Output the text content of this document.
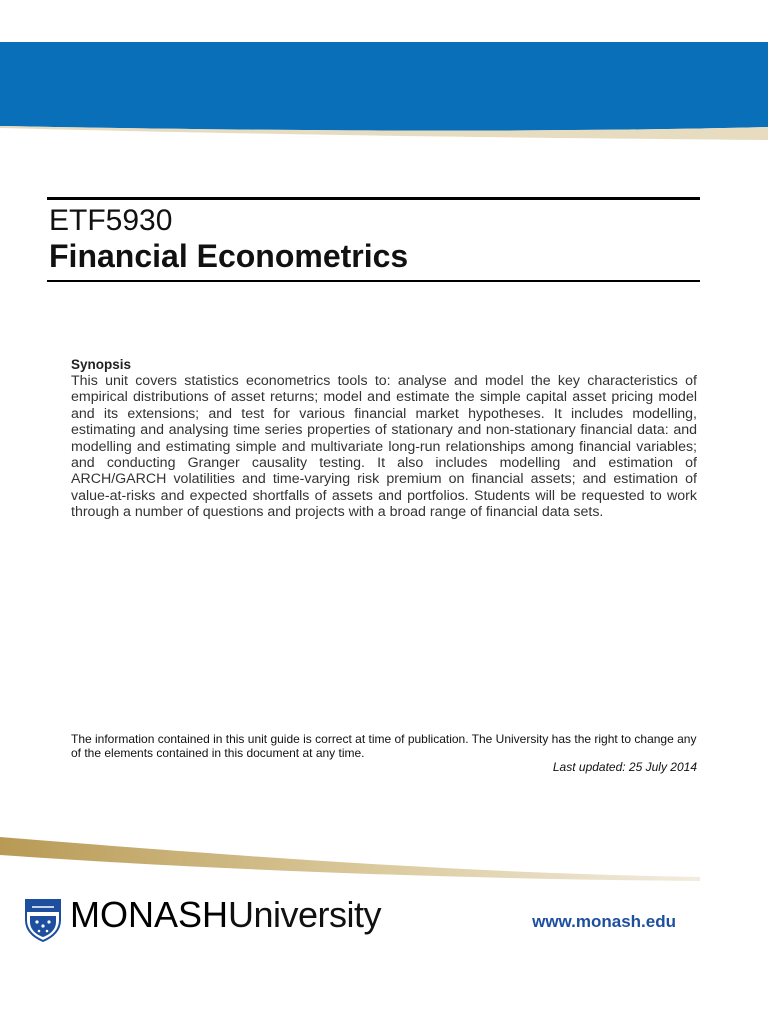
ETF5930
Financial Econometrics
Synopsis

This unit covers statistics econometrics tools to: analyse and model the key characteristics of empirical distributions of asset returns; model and estimate the simple capital asset pricing model and its extensions; and test for various financial market hypotheses. It includes modelling, estimating and analysing time series properties of stationary and non-stationary financial data: and modelling and estimating simple and multivariate long-run relationships among financial variables; and conducting Granger causality testing. It also includes modelling and estimation of ARCH/GARCH volatilities and time-varying risk premium on financial assets; and estimation of value-at-risks and expected shortfalls of assets and portfolios. Students will be requested to work through a number of questions and projects with a broad range of financial data sets.

The information contained in this unit guide is correct at time of publication. The University has the right to change any of the elements contained in this document at any time.

Last updated: 25 July 2014

MONASHUniversity	www.monash.edu
